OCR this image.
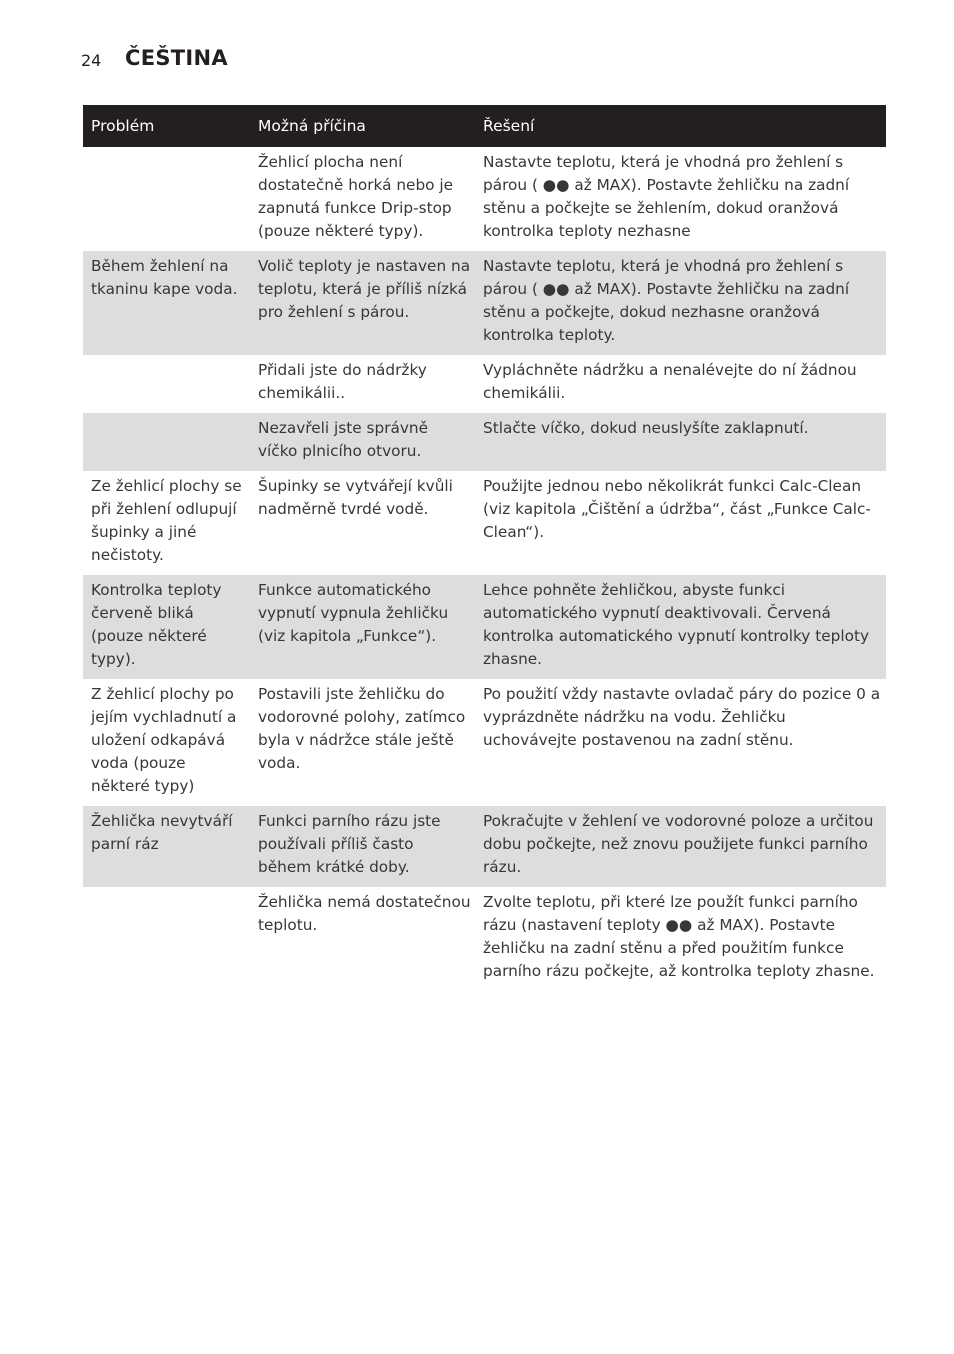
24 ČEŠTINA
Problém	Možná příčina	Řešení
	Žehlicí plocha není dostatečně horká nebo je zapnutá funkce Drip-stop (pouze některé typy).	Nastavte teplotu, která je vhodná pro žehlení s párou ( ●● až MAX). Postavte žehličku na zadní stěnu a počkejte se žehlením, dokud oranžová kontrolka teploty nezhasne
Během žehlení na tkaninu kape voda.	Volič teploty je nastaven na teplotu, která je příliš nízká pro žehlení s párou.	Nastavte teplotu, která je vhodná pro žehlení s párou ( ●● až MAX). Postavte žehličku na zadní stěnu a počkejte, dokud nezhasne oranžová kontrolka teploty.
	Přidali jste do nádržky chemikálii..	Vypláchněte nádržku a nenalévejte do ní žádnou chemikálii.
	Nezavřeli jste správně víčko plnicího otvoru.	Stlačte víčko, dokud neuslyšíte zaklapnutí.
Ze žehlicí plochy se při žehlení odlupují šupinky a jiné nečistoty.	Šupinky se vytvářejí kvůli nadměrně tvrdé vodě.	Použijte jednou nebo několikrát funkci Calc-Clean (viz kapitola „Čištění a údržba“, část „Funkce Calc-Clean“).
Kontrolka teploty červeně bliká (pouze některé typy).	Funkce automatického vypnutí vypnula žehličku (viz kapitola „Funkce“).	Lehce pohněte žehličkou, abyste funkci automatického vypnutí deaktivovali. Červená kontrolka automatického vypnutí kontrolky teploty zhasne.
Z žehlicí plochy po jejím vychladnutí a uložení odkapává voda (pouze některé typy)	Postavili jste žehličku do vodorovné polohy, zatímco byla v nádržce stále ještě voda.	Po použití vždy nastavte ovladač páry do pozice 0 a vyprázdněte nádržku na vodu. Žehličku uchovávejte postavenou na zadní stěnu.
Žehlička nevytváří parní ráz	Funkci parního rázu jste používali příliš často během krátké doby.	Pokračujte v žehlení ve vodorovné poloze a určitou dobu počkejte, než znovu použijete funkci parního rázu.
	Žehlička nemá dostatečnou teplotu.	Zvolte teplotu, při které lze použít funkci parního rázu (nastavení teploty ●● až MAX). Postavte žehličku na zadní stěnu a před použitím funkce parního rázu počkejte, až kontrolka teploty zhasne.
